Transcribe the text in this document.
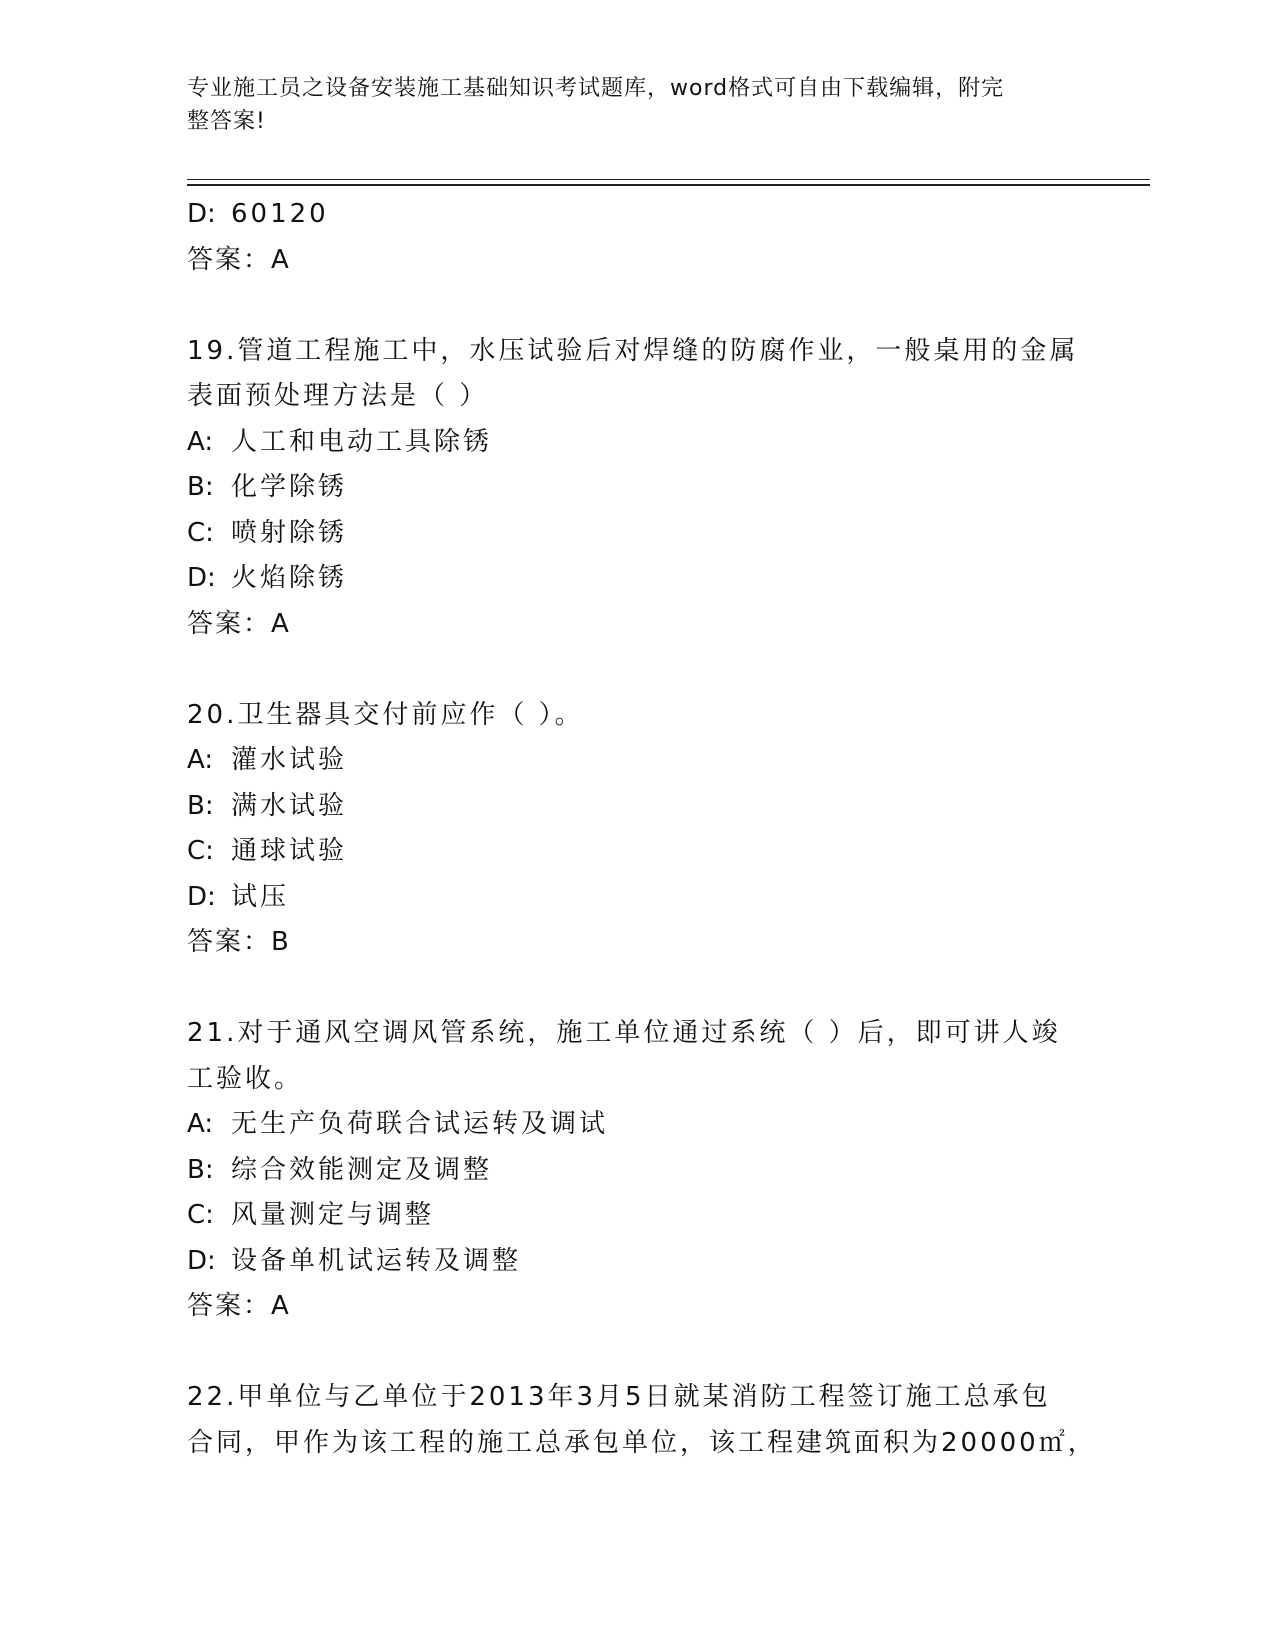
专业施工员之设备安装施工基础知识考试题库，word格式可自由下载编辑，附完
整答案!
D: 60120
答案：A
19.管道工程施工中，水压试验后对焊缝的防腐作业，一般桌用的金属
表面预处理方法是（ ）
A: 人工和电动工具除锈
B: 化学除锈
C: 喷射除锈
D: 火焰除锈
答案：A
20.卫生器具交付前应作（ ）。
A: 灌水试验
B: 满水试验
C: 通球试验
D: 试压
答案：B
21.对于通风空调风管系统，施工单位通过系统（ ）后，即可讲人竣
工验收。
A: 无生产负荷联合试运转及调试
B: 综合效能测定及调整
C: 风量测定与调整
D: 设备单机试运转及调整
答案：A
22.甲单位与乙单位于2013年3月5日就某消防工程签订施工总承包
合同，甲作为该工程的施工总承包单位，该工程建筑面积为20000㎡，
